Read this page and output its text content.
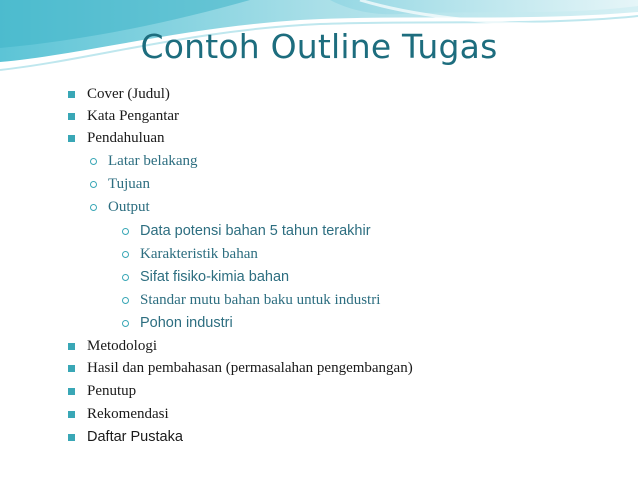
Contoh Outline Tugas
Cover (Judul)
Kata Pengantar
Pendahuluan
Latar belakang
Tujuan
Output
Data potensi bahan 5 tahun terakhir
Karakteristik bahan
Sifat fisiko-kimia bahan
Standar mutu bahan baku untuk industri
Pohon industri
Metodologi
Hasil dan pembahasan (permasalahan pengembangan)
Penutup
Rekomendasi
Daftar Pustaka
